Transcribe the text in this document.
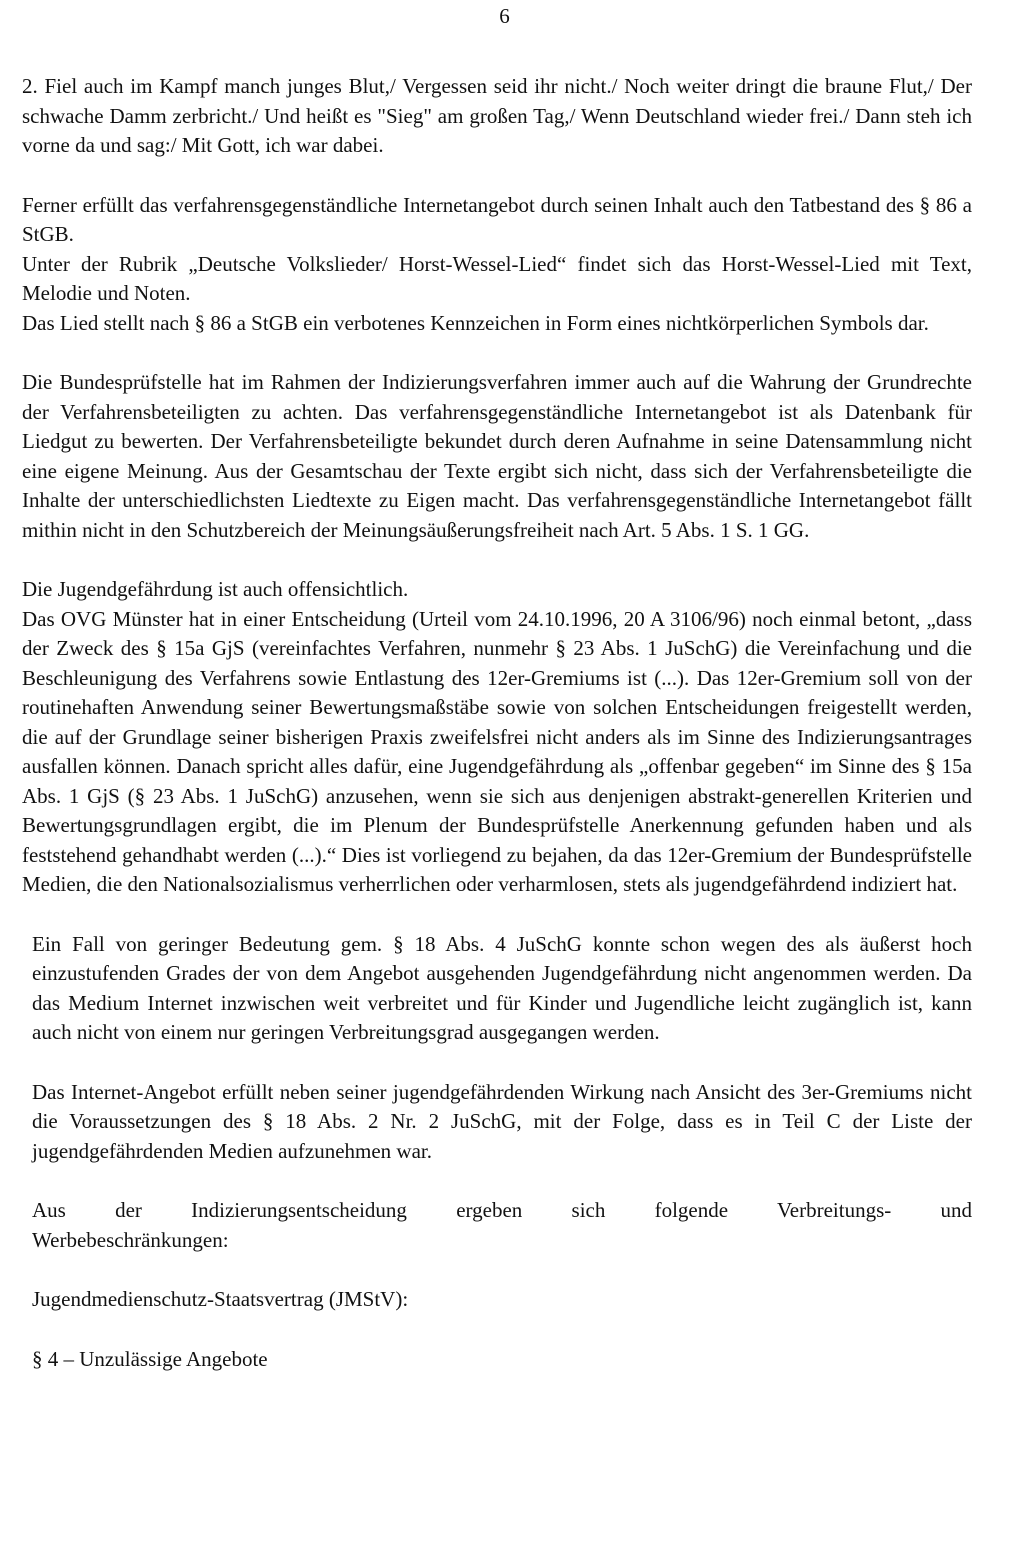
6

2. Fiel auch im Kampf manch junges Blut,/ Vergessen seid ihr nicht./ Noch weiter dringt die braune Flut,/ Der schwache Damm zerbricht./ Und heißt es "Sieg" am großen Tag,/ Wenn Deutschland wieder frei./ Dann steh ich vorne da und sag:/ Mit Gott, ich war dabei.

Ferner erfüllt das verfahrensgegenständliche Internetangebot durch seinen Inhalt auch den Tatbestand des § 86 a StGB.

Unter der Rubrik „Deutsche Volkslieder/ Horst-Wessel-Lied“ findet sich das Horst-Wessel-Lied mit Text, Melodie und Noten.

Das Lied stellt nach § 86 a StGB ein verbotenes Kennzeichen in Form eines nichtkörperlichen Symbols dar.

Die Bundesprüfstelle hat im Rahmen der Indizierungsverfahren immer auch auf die Wahrung der Grundrechte der Verfahrensbeteiligten zu achten. Das verfahrensgegenständliche Internetangebot ist als Datenbank für Liedgut zu bewerten. Der Verfahrensbeteiligte bekundet durch deren Aufnahme in seine Datensammlung nicht eine eigene Meinung. Aus der Gesamtschau der Texte ergibt sich nicht, dass sich der Verfahrensbeteiligte die Inhalte der unterschiedlichsten Liedtexte zu Eigen macht. Das verfahrensgegenständliche Internetangebot fällt mithin nicht in den Schutzbereich der Meinungsäußerungsfreiheit nach Art. 5 Abs. 1 S. 1 GG.

Die Jugendgefährdung ist auch offensichtlich.

Das OVG Münster hat in einer Entscheidung (Urteil vom 24.10.1996, 20 A 3106/96) noch einmal betont, „dass der Zweck des § 15a GjS (vereinfachtes Verfahren, nunmehr § 23 Abs. 1 JuSchG) die Vereinfachung und die Beschleunigung des Verfahrens sowie Entlastung des 12er-Gremiums ist (...). Das 12er-Gremium soll von der routinehaften Anwendung seiner Bewertungsmaßstäbe sowie von solchen Entscheidungen freigestellt werden, die auf der Grundlage seiner bisherigen Praxis zweifelsfrei nicht anders als im Sinne des Indizierungsantrages ausfallen können. Danach spricht alles dafür, eine Jugendgefährdung als „offenbar gegeben“ im Sinne des § 15a Abs. 1 GjS (§ 23 Abs. 1 JuSchG) anzusehen, wenn sie sich aus denjenigen abstrakt-generellen Kriterien und Bewertungsgrundlagen ergibt, die im Plenum der Bundesprüfstelle Anerkennung gefunden haben und als feststehend gehandhabt werden (...).“ Dies ist vorliegend zu bejahen, da das 12er-Gremium der Bundesprüfstelle Medien, die den Nationalsozialismus verherrlichen oder verharmlosen, stets als jugendgefährdend indiziert hat.

Ein Fall von geringer Bedeutung gem. § 18 Abs. 4 JuSchG konnte schon wegen des als äußerst hoch einzustufenden Grades der von dem Angebot ausgehenden Jugendgefährdung nicht angenommen werden. Da das Medium Internet inzwischen weit verbreitet und für Kinder und Jugendliche leicht zugänglich ist, kann auch nicht von einem nur geringen Verbreitungsgrad ausgegangen werden.

Das Internet-Angebot erfüllt neben seiner jugendgefährdenden Wirkung nach Ansicht des 3er-Gremiums nicht die Voraussetzungen des § 18 Abs. 2 Nr. 2 JuSchG, mit der Folge, dass es in Teil C der Liste der jugendgefährdenden Medien aufzunehmen war.

Aus der Indizierungsentscheidung ergeben sich folgende Verbreitungs- und

Werbebeschränkungen:

Jugendmedienschutz-Staatsvertrag (JMStV):

§ 4 – Unzulässige Angebote
